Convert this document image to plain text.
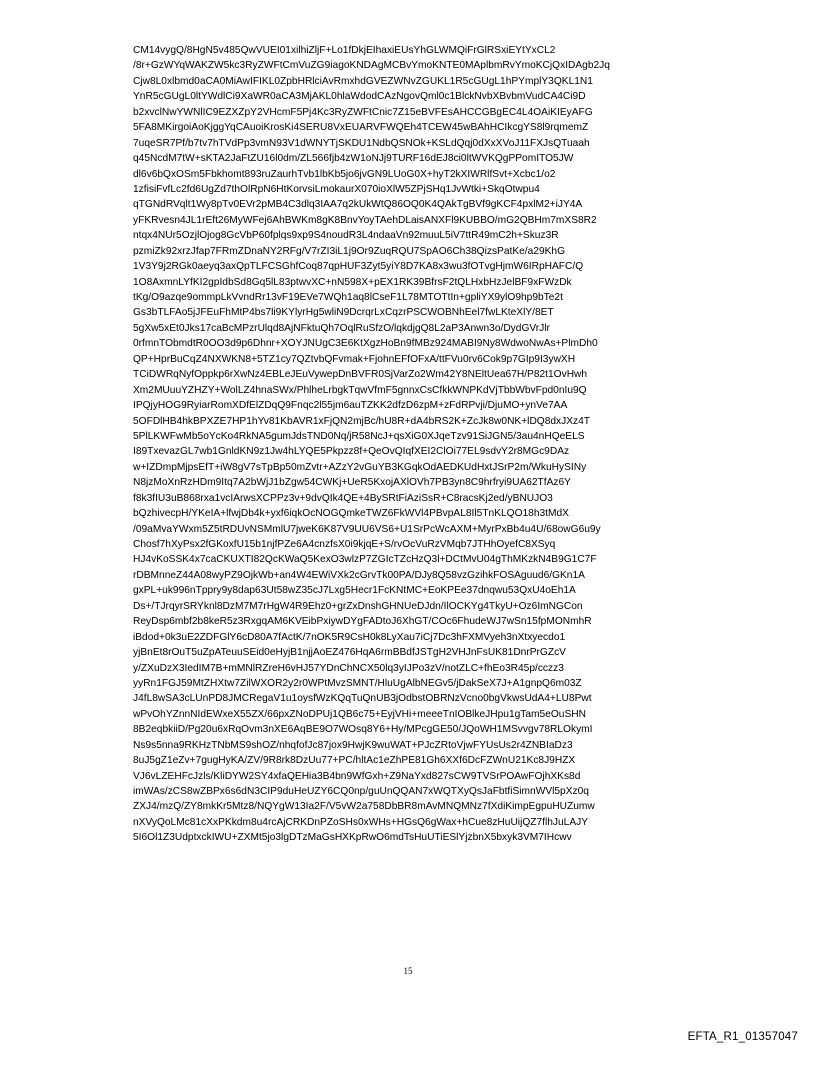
CM14vygQ/8HgN5v485QwVUEI01xilhiZljF+Lo1fDkjEIhaxiEUsYhGLWMQiFrGlRSxiEYtYxCL2
/8r+GzWYqWAKZW5kc3RyZWFtCmVuZG9iagoKNDAgMCBvYmoKNTE0MAplbmRvYmoKCjQxIDAgb2Jq
Cjw8L0xlbmd0aCA0MiAwIFIKL0ZpbHRlciAvRmxhdGVEZWNvZGUKL1R5cGUgL1hPYmplY3QKL1N1
YnR5cGUgL0ltYWdlCi9XaWR0aCA3MjAKL0hlaWdodCAzNgovQml0c1BlckNvbXBvbmVudCA4Ci9D
b2xvclNwYWNlIC9EZXZpY2VHcmF5Pj4Kc3RyZWFtCnic7Z15eBVFEsAHCCGBgEC4L4OAiKIEyAFG
5FA8MKirgoiAoKjggYqCAuoiKrosKi4SERU8VxEUARVFWQEh4TCEW45wBAhHCIkcgYS8l9rqmemZ
7uqeSR7Pf/b7tv7hTVdPp3vmN93V1dWNYTjSKDU1NdbQSNOk+KSLdQqj0dXxXVoJ11FXJsQTuaah
q45NcdM7tW+sKTA2JaFtZU16l0dm/ZL566fjb4zW1oNJj9TURF16dEJ8ci0ltWVKQgPPomITO5JW
dl6v6bQxOSm5Fbkhomt893ruZaurhTvb1lbKb5jo6jvGN9LUoG0X+hyT2kXIWRlfSvt+Xcbc1/o2
1zfisiFvfLc2fd6UgZd7thOlRpN6HtKorvsiLmokaurX070ioXlW5ZPjSHq1JvWtki+SkqOtwpu4
qTGNdRVqlt1Wy8pTv0EVr2pMB4C3dlq3IAA7q2kUkWtQ86OQ0K4QAkTgBVf9gKCF4pxlM2+iJY4A
yFKRvesn4JL1rEft26MyWFej6AhBWKm8gK8BnvYoyTAehDLaisANXFl9KUBBO/mG2QBHm7mXS8R2
ntqx4NUr5OzjlOjog8GcVbP60fplqs9xp9S4noudR3L4ndaaVn92muuL5iV7ttR49mC2h+Skuz3R
pzmiZk92xrzJfap7FRmZDnaNY2RFg/V7rZI3iL1j9Or9ZuqRQU7SpAO6Ch38QizsPatKe/a29KhG
1V3Y9j2RGk0aeyq3axQpTLFCSGhfCoq87qpHUF3Zyt5yiY8D7KA8x3wu3fOTvgHjmW6IRpHAFC/Q
1O8AxmnLYfKI2gpIdbSd8Gq5lL83ptwvXC+nN598X+pEX1RK39BfrsF2tQLHxbHzJelBF9xFWzDk
tKg/O9azqe9ommpLkVvndRr13vF19EVe7WQh1aq8lCseF1L78MTOTtIn+gpliYX9ylO9hp9bTe2t
Gs3bTLFAo5jJFEuFhMtP4bs7li9KYlyrHg5wliN9DcrqrLxCqzrPSCWOBNhEel7fwLKteXlY/8ET
5gXw5xEt0Jks17caBcMPzrUlqd8AjNFktuQh7OqlRuSfzO/lqkdjgQ8L2aP3Anwn3o/DydGVrJlr
0rfmnTObmdtR0OO3d9p6Dhnr+XOYJNUgC3E6KtXgzHoBn9fMBz924MABI9Ny8WdwoNwAs+PlmDh0
QP+HprBuCqZ4NXWKN8+5TZ1cy7QZtvbQFvmak+FjohnEFfOFxA/ttFVu0rv6Cok9p7GIp9I3ywXH
TCiDWRqNyfOppkp6rXwNz4EBLeJEuVywepDnBVFR0SjVarZo2Wm42Y8NEltUea67H/P82t1OvHwh
Xm2MUuuYZHZY+WolLZ4hnaSWx/PhlheLrbgkTqwVfmF5gnnxCsCfkkWNPKdVjTbbWbvFpd0nIu9Q
IPQjyHOG9RyiarRomXDfElZDqQ9Fnqc2l55jm6auTZKK2dfzD6zpM+zFdRPvji/DjuMO+ynVe7AA
5OFDlHB4hkBPXZE7HP1hYv81KbAVR1xFjQN2mjBc/hU8R+dA4bRS2K+ZcJk8w0NK+lDQ8dxJXz4T
5PlLKWFwMb5oYcKo4RkNA5gumJdsTND0Nq/jR58NcJ+qsXiG0XJqeTzv91SiJGN5/3au4nHQeELS
I89TxevazGL7wb1GnldKN9z1Jw4hLYQE5Pkpzz8f+QeOvQIqfXEI2ClOi77EL9sdvY2r8MGc9DAz
w+IZDmpMjpsEfT+iW8gV7sTpBp50mZvtr+AZzY2vGuYB3KGqkOdAEDKUdHxtJSrP2m/WkuHySINy
N8jzMoXnRzHDm9Itq7A2bWjJ1bZgw54CWKj+UeR5KxojAXlOVh7PB3yn8C9hrfryi9UA62TfAz6Y
f8k3fIU3uB868rxa1vcIArwsXCPPz3v+9dvQIk4QE+4BySRtFiAziSsR+C8racsKj2ed/yBNUJO3
bQzhivecpH/YKeIA+lfwjDb4k+yxf6iqkOcNOGQmkeTWZ6FkWVl4PBvpAL8Il5TnKLQO18h3tMdX
/09aMvaYWxm5Z5tRDUvNSMmlU7jweK6K87V9UU6VS6+U1SrPcWcAXM+MyrPxBb4u4U/68owG6u9y
Chosf7hXyPsx2fGKoxfU15b1njfPZe6A4cnzfsX0i9kjqE+S/rvOcVuRzVMqb7JTHhOyefC8XSyq
HJ4vKoSSK4x7caCKUXTI82QcKWaQ5KexO3wlzP7ZGIcTZcHzQ3l+DCtMvU04gThMKzkN4B9G1C7F
rDBMnneZ44A08wyPZ9OjkWb+an4W4EWiVXk2cGrvTk00PA/DJy8Q58vzGzihkFOSAguud6/GKn1A
gxPL+uk996nTppry9y8dap63Ut58wZ35cJ7Lxg5Hecr1FcKNtMC+EoKPEe37dnqwu53QxU4oEh1A
Ds+/TJrqyrSRYknl8DzM7M7rHgW4R9Ehz0+grZxDnshGHNUeDJdn/IlOCKYg4TkyU+Oz6ImNGCon
ReyDsp6mbf2b8keR5z3RxgqAM6KVEibPxiywDYgFADtoJ6XhGT/COc6FhudeWJ7wSn15fpMONmhR
iBdod+0k3uE2ZDFGlY6cD80A7fActK/7nOK5R9CsH0k8LyXau7iCj7Dc3hFXMVyeh3nXtxyecdo1
yjBnEt8rOuT5uZpATeuuSEid0eHyjB1njjAoEZ476HqA6rmBBdfJSTgH2VHJnFsUK81DnrPrGZcV
y/ZXuDzX3IedIM7B+mMNlRZreH6vHJ57YDnChNCX50lq3yIJPo3zV/notZLC+fhEo3R45p/cczz3
yyRn1FGJ59MtZHXtw7ZilWXOR2y2r0WPtMvzSMNT/HluUgAlbNEGv5/jDakSeX7J+A1gnpQ6m03Z
J4fL8wSA3cLUnPD8JMCRegaV1u1oysfWzKQqTuQnUB3jOdbstOBRNzVcno0bgVkwsUdA4+LU8Pwt
wPvOhYZnnNIdEWxeX55ZX/66pxZNoDPUj1QB6c75+EyjVHi+meeeTnIOBlkeJHpu1gTam5eOuSHN
8B2eqbkiiD/Pg20u6xRqOvm3nXE6AqBE9O7WOsq8Y6+Hy/MPcgGE50/JQoWH1MSvvgv78RLOkymI
Ns9s5nna9RKHzTNbMS9shOZ/nhqfofJc87jox9HwjK9wuWAT+PJcZRtoVjwFYUsUs2r4ZNBIaDz3
8uJ5gZ1eZv+7gugHyKA/ZV/9R8rk8DzUu77+PC/hltAc1eZhPE81Gh6XXf6DcFZWnU21Kc8J9HZX
VJ6vLZEHFcJzls/KliDYW2SY4xfaQEHia3B4bn9WfGxh+Z9NaYxd827sCW9TVSrPOAwFOjhXKs8d
imWAs/zCS8wZBPx6s6dN3CIP9duHeUZY6CQ0np/guUnQQAN7xWQTXyQsJaFbtfiSimnWVl5pXz0q
ZXJ4/mzQ/ZY8mkKr5Mtz8/NQYgW13Ia2F/V5vW2a758DbBR8mAvMNQMNz7fXdiKimpEgpuHUZumw
nXVyQoLMc81cXxPKkdm8u4rcAjCRKDnPZoSHs0xWHs+HGsQ6gWax+hCue8zHuUijQZ7flhJuLAJY
5I6Ol1Z3UdptxckIWU+ZXMt5jo3lgDTzMaGsHXKpRwO6mdTsHuUTiESlYjzbnX5bxyk3VM7IHcwv
15
EFTA_R1_01357047
